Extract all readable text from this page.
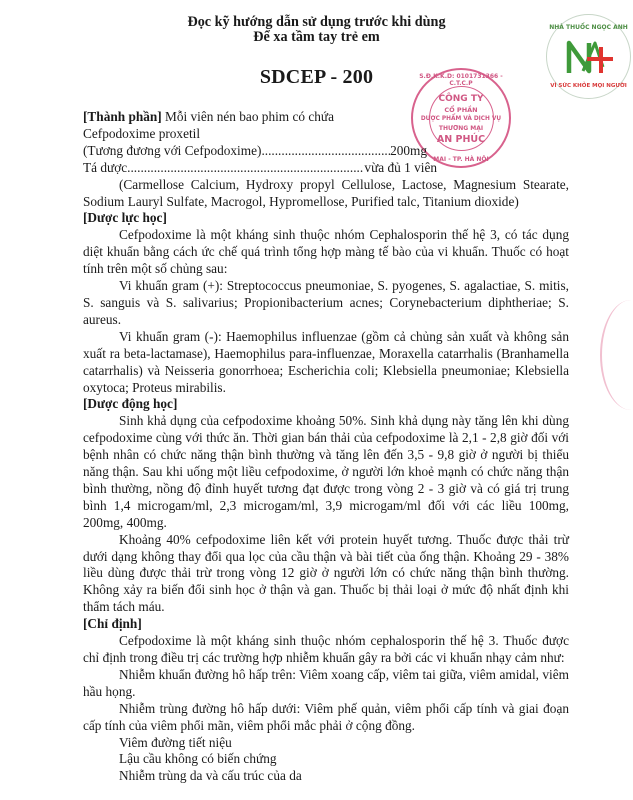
Đọc kỹ hướng dẫn sử dụng trước khi dùng
Để xa tầm tay trẻ em
SDCEP - 200
NHÀ THUỐC NGỌC ANH
VÌ SỨC KHỎE MỌI NGƯỜI
S.Đ.K.K.D: 0101731366 - C.T.C.P
CÔNG TY
CỔ PHẦN
DƯỢC PHẨM VÀ DỊCH VỤ
THƯƠNG MẠI
AN PHÚC
MAI - TP. HÀ NỘI

[Thành phần] Mỗi viên nén bao phim có chứa

Cefpodoxime proxetil

(Tương đương với Cefpodoxime) .....	200mg

Tá dược .....	vừa đủ 1 viên

(Carmellose Calcium, Hydroxy propyl Cellulose, Lactose, Magnesium Stearate, Sodium Lauryl Sulfate, Macrogol, Hypromellose, Purified talc, Titanium dioxide)

[Dược lực học]

Cefpodoxime là một kháng sinh thuộc nhóm Cephalosporin thế hệ 3, có tác dụng diệt khuẩn bằng cách ức chế quá trình tổng hợp màng tế bào của vi khuẩn. Thuốc có hoạt tính trên một số chủng sau:

Vi khuẩn gram (+): Streptococcus pneumoniae, S. pyogenes, S. agalactiae, S. mitis, S. sanguis và S. salivarius; Propionibacterium acnes; Corynebacterium diphtheriae; S. aureus.

Vi khuẩn gram (-): Haemophilus influenzae (gồm cả chủng sản xuất và không sản xuất ra beta-lactamase), Haemophilus para-influenzae, Moraxella catarrhalis (Branhamella catarrhalis) và Neisseria gonorrhoea; Escherichia coli; Klebsiella pneumoniae; Klebsiella oxytoca; Proteus mirabilis.

[Dược động học]

Sinh khả dụng của cefpodoxime khoảng 50%. Sinh khả dụng này tăng lên khi dùng cefpodoxime cùng với thức ăn. Thời gian bán thải của cefpodoxime là 2,1 - 2,8 giờ đối với bệnh nhân có chức năng thận bình thường và tăng lên đến 3,5 - 9,8 giờ ở người bị thiểu năng thận. Sau khi uống một liều cefpodoxime, ở người lớn khoẻ mạnh có chức năng thận bình thường, nồng độ đỉnh huyết tương đạt được trong vòng 2 - 3 giờ và có giá trị trung bình 1,4 microgam/ml, 2,3 microgam/ml, 3,9 microgam/ml đối với các liều 100mg, 200mg, 400mg.

Khoảng 40% cefpodoxime liên kết với protein huyết tương. Thuốc được thải trừ dưới dạng không thay đổi qua lọc của cầu thận và bài tiết của ống thận. Khoảng 29 - 38% liều dùng được thải trừ trong vòng 12 giờ ở người lớn có chức năng thận bình thường. Không xảy ra biến đổi sinh học ở thận và gan. Thuốc bị thải loại ở mức độ nhất định khi thẩm tách máu.

[Chỉ định]

Cefpodoxime là một kháng sinh thuộc nhóm cephalosporin thế hệ 3. Thuốc được chỉ định trong điều trị các trường hợp nhiễm khuẩn gây ra bởi các vi khuẩn nhạy cảm như:

Nhiễm khuẩn đường hô hấp trên: Viêm xoang cấp, viêm tai giữa, viêm amidal, viêm hầu họng.

Nhiễm trùng đường hô hấp dưới: Viêm phế quản, viêm phổi cấp tính và giai đoạn cấp tính của viêm phổi mãn, viêm phổi mắc phải ở cộng đồng.

Viêm đường tiết niệu

Lậu cầu không có biến chứng

Nhiễm trùng da và cấu trúc của da
